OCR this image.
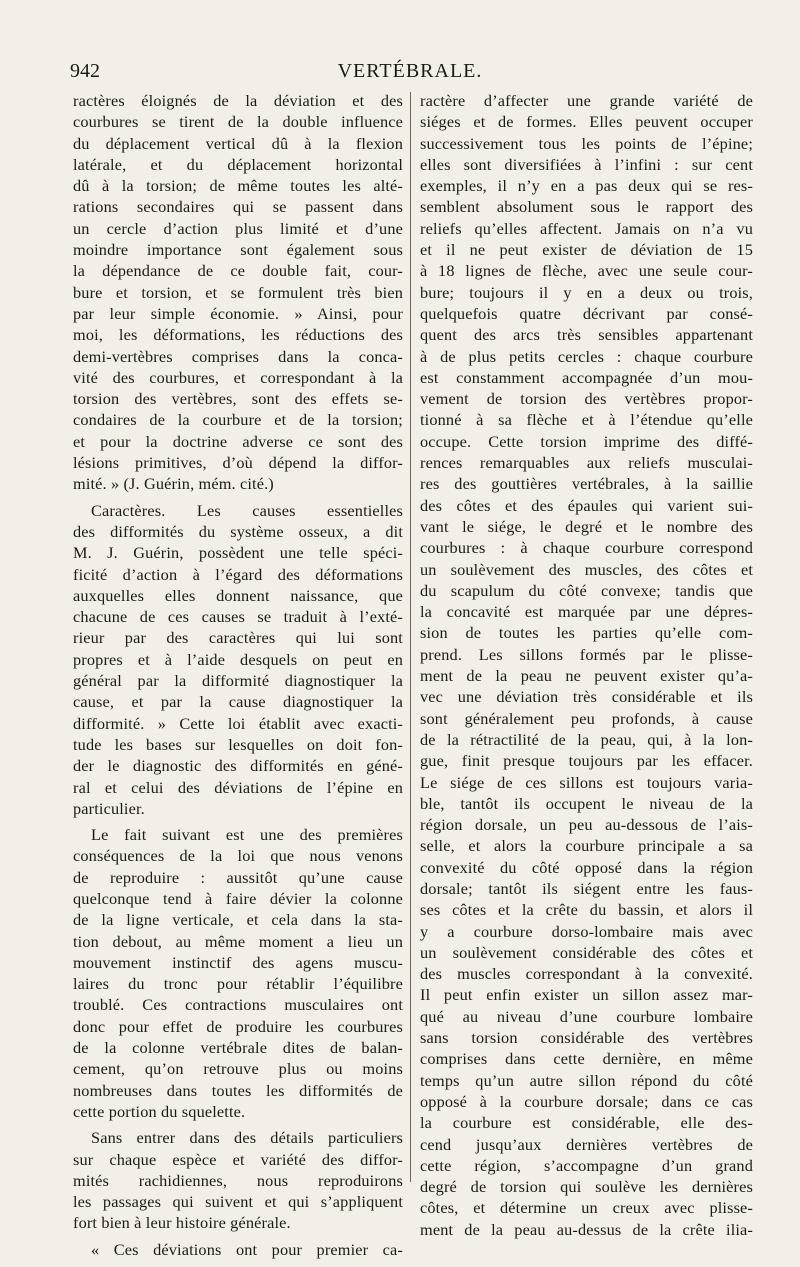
942	VERTÉBRALE.
ractères éloignés de la déviation et des
courbures se tirent de la double influence
du déplacement vertical dû à la flexion
latérale, et du déplacement horizontal
dû à la torsion; de même toutes les alté-
rations secondaires qui se passent dans
un cercle d’action plus limité et d’une
moindre importance sont également sous
la dépendance de ce double fait, cour-
bure et torsion, et se formulent très bien
par leur simple économie. » Ainsi, pour
moi, les déformations, les réductions des
demi-vertèbres comprises dans la conca-
vité des courbures, et correspondant à la
torsion des vertèbres, sont des effets se-
condaires de la courbure et de la torsion;
et pour la doctrine adverse ce sont des
lésions primitives, d’où dépend la diffor-
mité. » (J. Guérin, mém. cité.)
Caractères. Les causes essentielles
des difformités du système osseux, a dit
M. J. Guérin, possèdent une telle spéci-
ficité d’action à l’égard des déformations
auxquelles elles donnent naissance, que
chacune de ces causes se traduit à l’exté-
rieur par des caractères qui lui sont
propres et à l’aide desquels on peut en
général par la difformité diagnostiquer la
cause, et par la cause diagnostiquer la
difformité. » Cette loi établit avec exacti-
tude les bases sur lesquelles on doit fon-
der le diagnostic des difformités en géné-
ral et celui des déviations de l’épine en
particulier.
Le fait suivant est une des premières
conséquences de la loi que nous venons
de reproduire : aussitôt qu’une cause
quelconque tend à faire dévier la colonne
de la ligne verticale, et cela dans la sta-
tion debout, au même moment a lieu un
mouvement instinctif des agens muscu-
laires du tronc pour rétablir l’équilibre
troublé. Ces contractions musculaires ont
donc pour effet de produire les courbures
de la colonne vertébrale dites de balan-
cement, qu’on retrouve plus ou moins
nombreuses dans toutes les difformités de
cette portion du squelette.
Sans entrer dans des détails particuliers
sur chaque espèce et variété des diffor-
mités rachidiennes, nous reproduirons
les passages qui suivent et qui s’appliquent
fort bien à leur histoire générale.
« Ces déviations ont pour premier ca-
ractère d’affecter une grande variété de
siéges et de formes. Elles peuvent occuper
successivement tous les points de l’épine;
elles sont diversifiées à l’infini : sur cent
exemples, il n’y en a pas deux qui se res-
semblent absolument sous le rapport des
reliefs qu’elles affectent. Jamais on n’a vu
et il ne peut exister de déviation de 15
à 18 lignes de flèche, avec une seule cour-
bure; toujours il y en a deux ou trois,
quelquefois quatre décrivant par consé-
quent des arcs très sensibles appartenant
à de plus petits cercles : chaque courbure
est constamment accompagnée d’un mou-
vement de torsion des vertèbres propor-
tionné à sa flèche et à l’étendue qu’elle
occupe. Cette torsion imprime des diffé-
rences remarquables aux reliefs musculai-
res des gouttières vertébrales, à la saillie
des côtes et des épaules qui varient sui-
vant le siége, le degré et le nombre des
courbures : à chaque courbure correspond
un soulèvement des muscles, des côtes et
du scapulum du côté convexe; tandis que
la concavité est marquée par une dépres-
sion de toutes les parties qu’elle com-
prend. Les sillons formés par le plisse-
ment de la peau ne peuvent exister qu’a-
vec une déviation très considérable et ils
sont généralement peu profonds, à cause
de la rétractilité de la peau, qui, à la lon-
gue, finit presque toujours par les effacer.
Le siége de ces sillons est toujours varia-
ble, tantôt ils occupent le niveau de la
région dorsale, un peu au-dessous de l’ais-
selle, et alors la courbure principale a sa
convexité du côté opposé dans la région
dorsale; tantôt ils siégent entre les faus-
ses côtes et la crête du bassin, et alors il
y a courbure dorso-lombaire mais avec
un soulèvement considérable des côtes et
des muscles correspondant à la convexité.
Il peut enfin exister un sillon assez mar-
qué au niveau d’une courbure lombaire
sans torsion considérable des vertèbres
comprises dans cette dernière, en même
temps qu’un autre sillon répond du côté
opposé à la courbure dorsale; dans ce cas
la courbure est considérable, elle des-
cend jusqu’aux dernières vertèbres de
cette région, s’accompagne d’un grand
degré de torsion qui soulève les dernières
côtes, et détermine un creux avec plisse-
ment de la peau au-dessus de la crête ilia-
